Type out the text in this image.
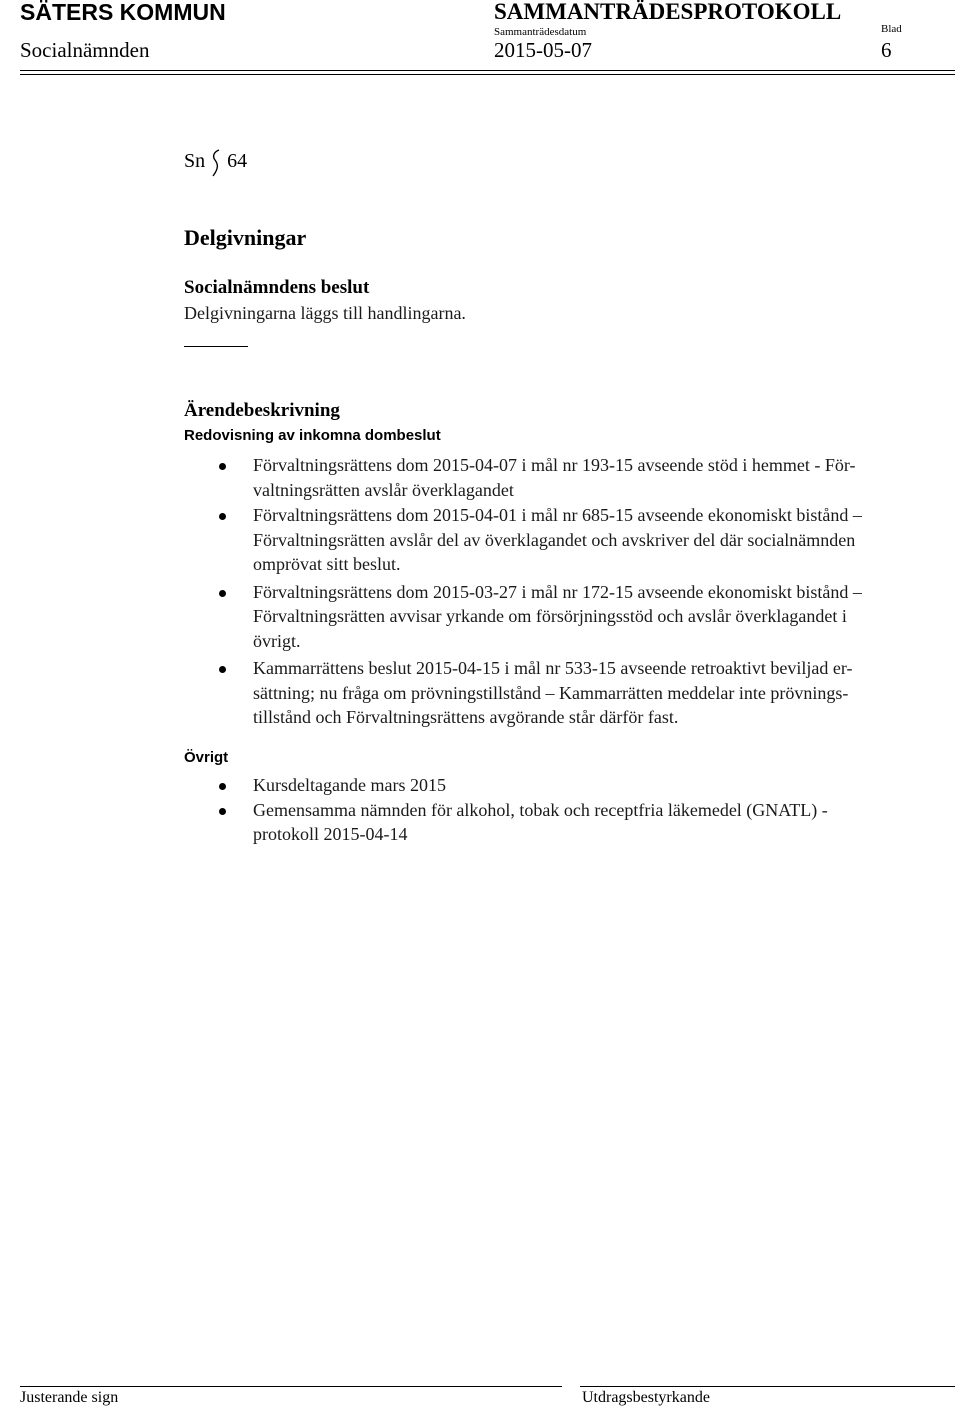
SÄTERS KOMMUN
Socialnämnden
SAMMANTRÄDESPROTOKOLL
Sammanträdesdatum
2015-05-07
Blad
6
Sn 64
Delgivningar
Socialnämndens beslut
Delgivningarna läggs till handlingarna.
Ärendebeskrivning
Redovisning av inkomna dombeslut
Förvaltningsrättens dom 2015-04-07 i mål nr 193-15 avseende stöd i hemmet - För-
valtningsrätten avslår överklagandet
Förvaltningsrättens dom 2015-04-01 i mål nr 685-15 avseende ekonomiskt bistånd –
Förvaltningsrätten avslår del av överklagandet och avskriver del där socialnämnden
omprövat sitt beslut.
Förvaltningsrättens dom 2015-03-27 i mål nr 172-15 avseende ekonomiskt bistånd –
Förvaltningsrätten avvisar yrkande om försörjningsstöd och avslår överklagandet i
övrigt.
Kammarrättens beslut 2015-04-15 i mål nr 533-15 avseende retroaktivt beviljad er-
sättning; nu fråga om prövningstillstånd – Kammarrätten meddelar inte prövnings-
tillstånd och Förvaltningsrättens avgörande står därför fast.
Övrigt
Kursdeltagande mars 2015
Gemensamma nämnden för alkohol, tobak och receptfria läkemedel (GNATL) -
protokoll 2015-04-14
Justerande sign	Utdragsbestyrkande
